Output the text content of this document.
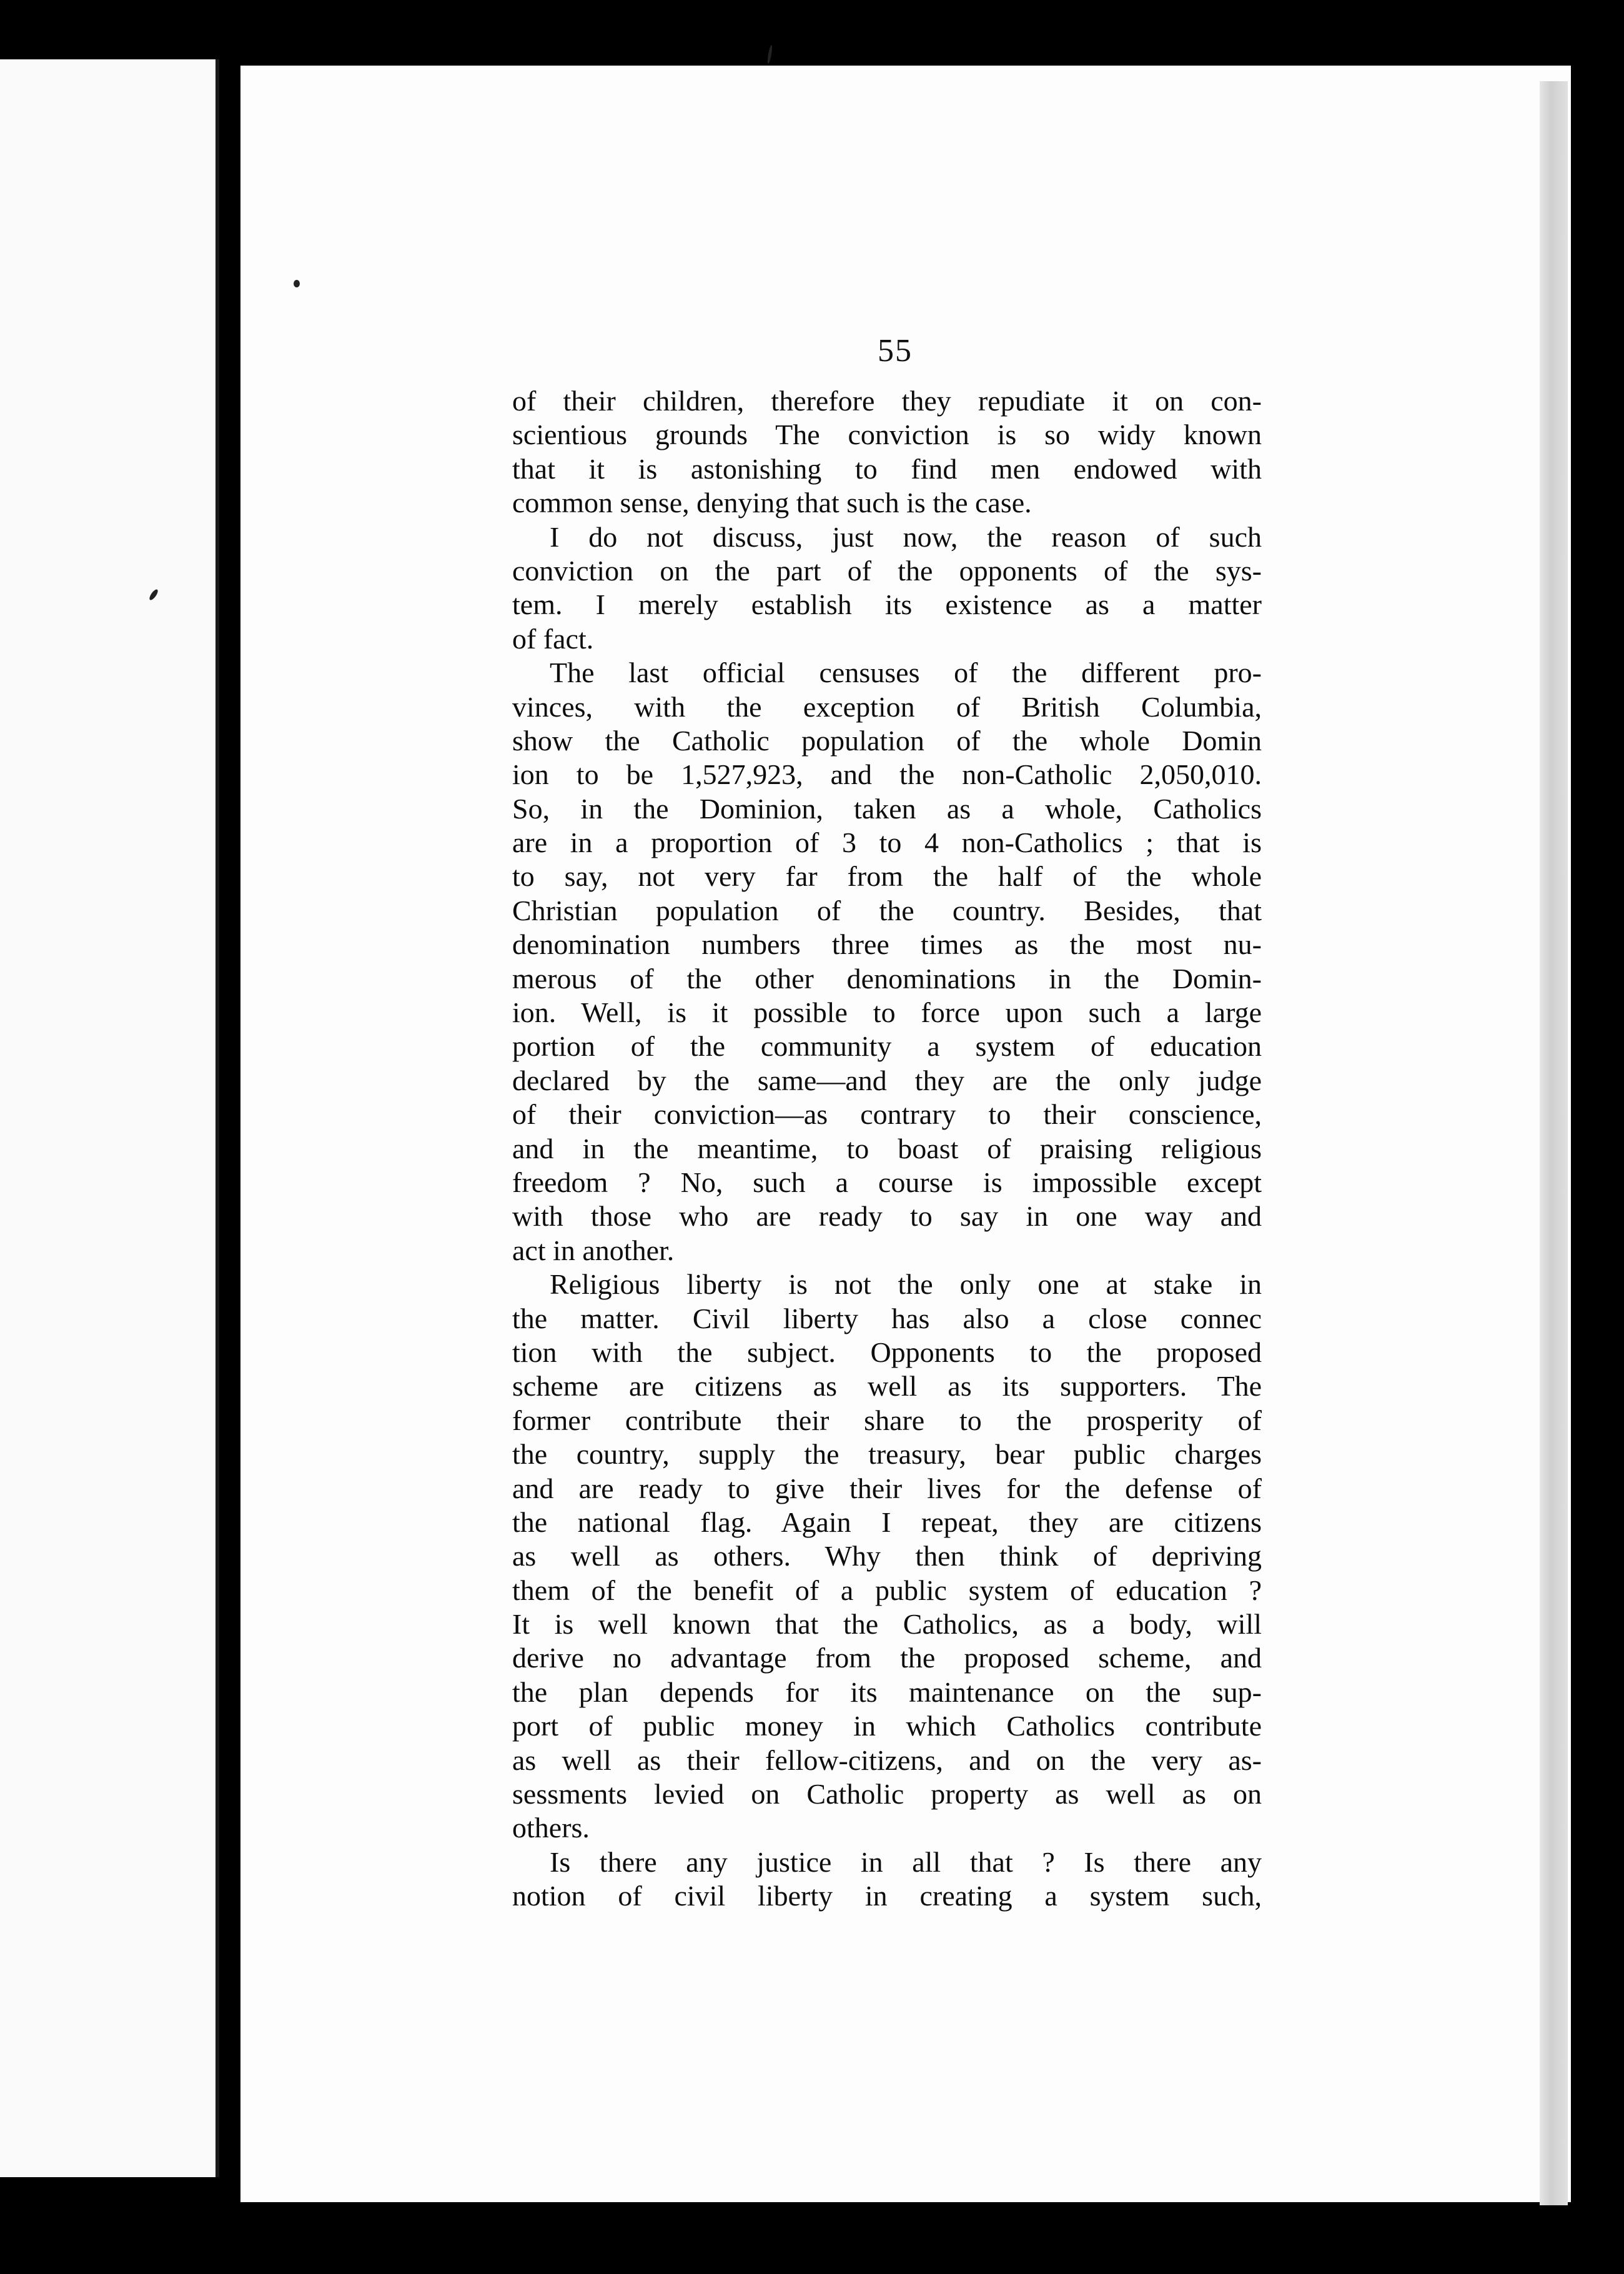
55
of their children, therefore they repudiate it on con-
scientious grounds The conviction is so widy known
that it is astonishing to find men endowed with
common sense, denying that such is the case.
I do not discuss, just now, the reason of such
conviction on the part of the opponents of the sys-
tem. I merely establish its existence as a matter
of fact.
The last official censuses of the different pro-
vinces, with the exception of British Columbia,
show the Catholic population of the whole Domin
ion to be 1,527,923, and the non-Catholic 2,050,010.
So, in the Dominion, taken as a whole, Catholics
are in a proportion of 3 to 4 non-Catholics ; that is
to say, not very far from the half of the whole
Christian population of the country. Besides, that
denomination numbers three times as the most nu-
merous of the other denominations in the Domin-
ion. Well, is it possible to force upon such a large
portion of the community a system of education
declared by the same—and they are the only judge
of their conviction—as contrary to their conscience,
and in the meantime, to boast of praising religious
freedom ? No, such a course is impossible except
with those who are ready to say in one way and
act in another.
Religious liberty is not the only one at stake in
the matter. Civil liberty has also a close connec
tion with the subject. Opponents to the proposed
scheme are citizens as well as its supporters. The
former contribute their share to the prosperity of
the country, supply the treasury, bear public charges
and are ready to give their lives for the defense of
the national flag. Again I repeat, they are citizens
as well as others. Why then think of depriving
them of the benefit of a public system of education ?
It is well known that the Catholics, as a body, will
derive no advantage from the proposed scheme, and
the plan depends for its maintenance on the sup-
port of public money in which Catholics contribute
as well as their fellow-citizens, and on the very as-
sessments levied on Catholic property as well as on
others.
Is there any justice in all that ? Is there any
notion of civil liberty in creating a system such,
